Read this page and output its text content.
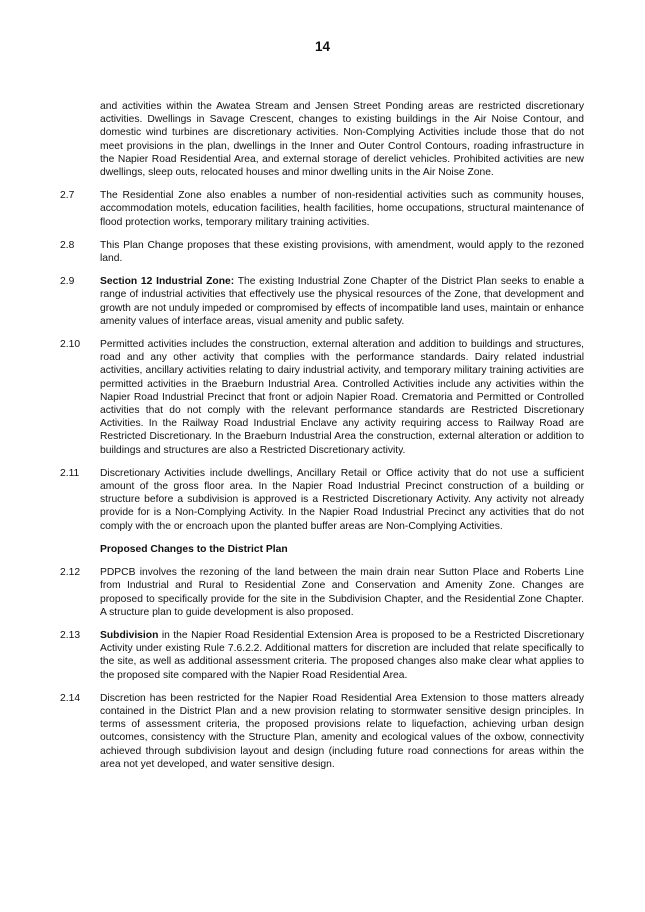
14
and activities within the Awatea Stream and Jensen Street Ponding areas are restricted discretionary activities. Dwellings in Savage Crescent, changes to existing buildings in the Air Noise Contour, and domestic wind turbines are discretionary activities. Non-Complying Activities include those that do not meet provisions in the plan, dwellings in the Inner and Outer Control Contours, roading infrastructure in the Napier Road Residential Area, and external storage of derelict vehicles. Prohibited activities are new dwellings, sleep outs, relocated houses and minor dwelling units in the Air Noise Zone.
2.7	The Residential Zone also enables a number of non-residential activities such as community houses, accommodation motels, education facilities, health facilities, home occupations, structural maintenance of flood protection works, temporary military training activities.
2.8	This Plan Change proposes that these existing provisions, with amendment, would apply to the rezoned land.
2.9	Section 12 Industrial Zone: The existing Industrial Zone Chapter of the District Plan seeks to enable a range of industrial activities that effectively use the physical resources of the Zone, that development and growth are not unduly impeded or compromised by effects of incompatible land uses, maintain or enhance amenity values of interface areas, visual amenity and public safety.
2.10	Permitted activities includes the construction, external alteration and addition to buildings and structures, road and any other activity that complies with the performance standards. Dairy related industrial activities, ancillary activities relating to dairy industrial activity, and temporary military training activities are permitted activities in the Braeburn Industrial Area. Controlled Activities include any activities within the Napier Road Industrial Precinct that front or adjoin Napier Road. Crematoria and Permitted or Controlled activities that do not comply with the relevant performance standards are Restricted Discretionary Activities. In the Railway Road Industrial Enclave any activity requiring access to Railway Road are Restricted Discretionary. In the Braeburn Industrial Area the construction, external alteration or addition to buildings and structures are also a Restricted Discretionary activity.
2.11	Discretionary Activities include dwellings, Ancillary Retail or Office activity that do not use a sufficient amount of the gross floor area. In the Napier Road Industrial Precinct construction of a building or structure before a subdivision is approved is a Restricted Discretionary Activity. Any activity not already provide for is a Non-Complying Activity. In the Napier Road Industrial Precinct any activities that do not comply with the or encroach upon the planted buffer areas are Non-Complying Activities.
Proposed Changes to the District Plan
2.12	PDPCB involves the rezoning of the land between the main drain near Sutton Place and Roberts Line from Industrial and Rural to Residential Zone and Conservation and Amenity Zone. Changes are proposed to specifically provide for the site in the Subdivision Chapter, and the Residential Zone Chapter. A structure plan to guide development is also proposed.
2.13	Subdivision in the Napier Road Residential Extension Area is proposed to be a Restricted Discretionary Activity under existing Rule 7.6.2.2. Additional matters for discretion are included that relate specifically to the site, as well as additional assessment criteria. The proposed changes also make clear what applies to the proposed site compared with the Napier Road Residential Area.
2.14	Discretion has been restricted for the Napier Road Residential Area Extension to those matters already contained in the District Plan and a new provision relating to stormwater sensitive design principles. In terms of assessment criteria, the proposed provisions relate to liquefaction, achieving urban design outcomes, consistency with the Structure Plan, amenity and ecological values of the oxbow, connectivity achieved through subdivision layout and design (including future road connections for areas within the area not yet developed, and water sensitive design.
